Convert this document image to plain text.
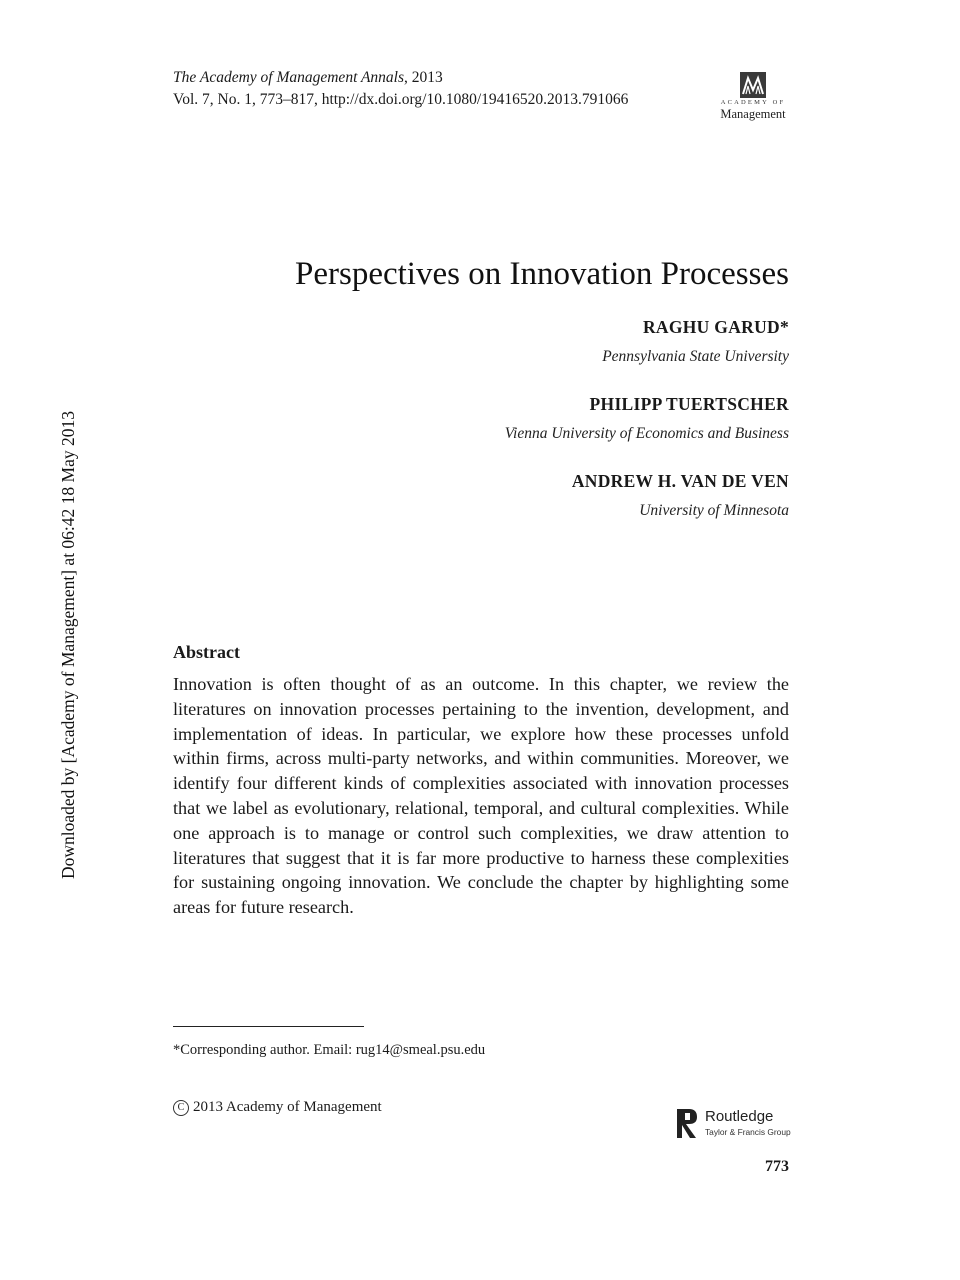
The Academy of Management Annals, 2013
Vol. 7, No. 1, 773–817, http://dx.doi.org/10.1080/19416520.2013.791066	ACADEMY OF
Management
Perspectives on Innovation Processes
RAGHU GARUD*
Pennsylvania State University
PHILIPP TUERTSCHER
Vienna University of Economics and Business
ANDREW H. VAN DE VEN
University of Minnesota
Downloaded by [Academy of Management] at 06:42 18 May 2013	Abstract
Innovation is often thought of as an outcome. In this chapter, we review the literatures on innovation processes pertaining to the invention, development, and implementation of ideas. In particular, we explore how these processes unfold within firms, across multi-party networks, and within communities. Moreover, we identify four different kinds of complexities associated with innovation processes that we label as evolutionary, relational, temporal, and cultural complexities. While one approach is to manage or control such complexities, we draw attention to literatures that suggest that it is far more productive to harness these complexities for sustaining ongoing innovation. We conclude the chapter by highlighting some areas for future research.
*Corresponding author. Email: rug14@smeal.psu.edu
C 2013 Academy of Management
Routledge
Taylor & Francis Group
773
